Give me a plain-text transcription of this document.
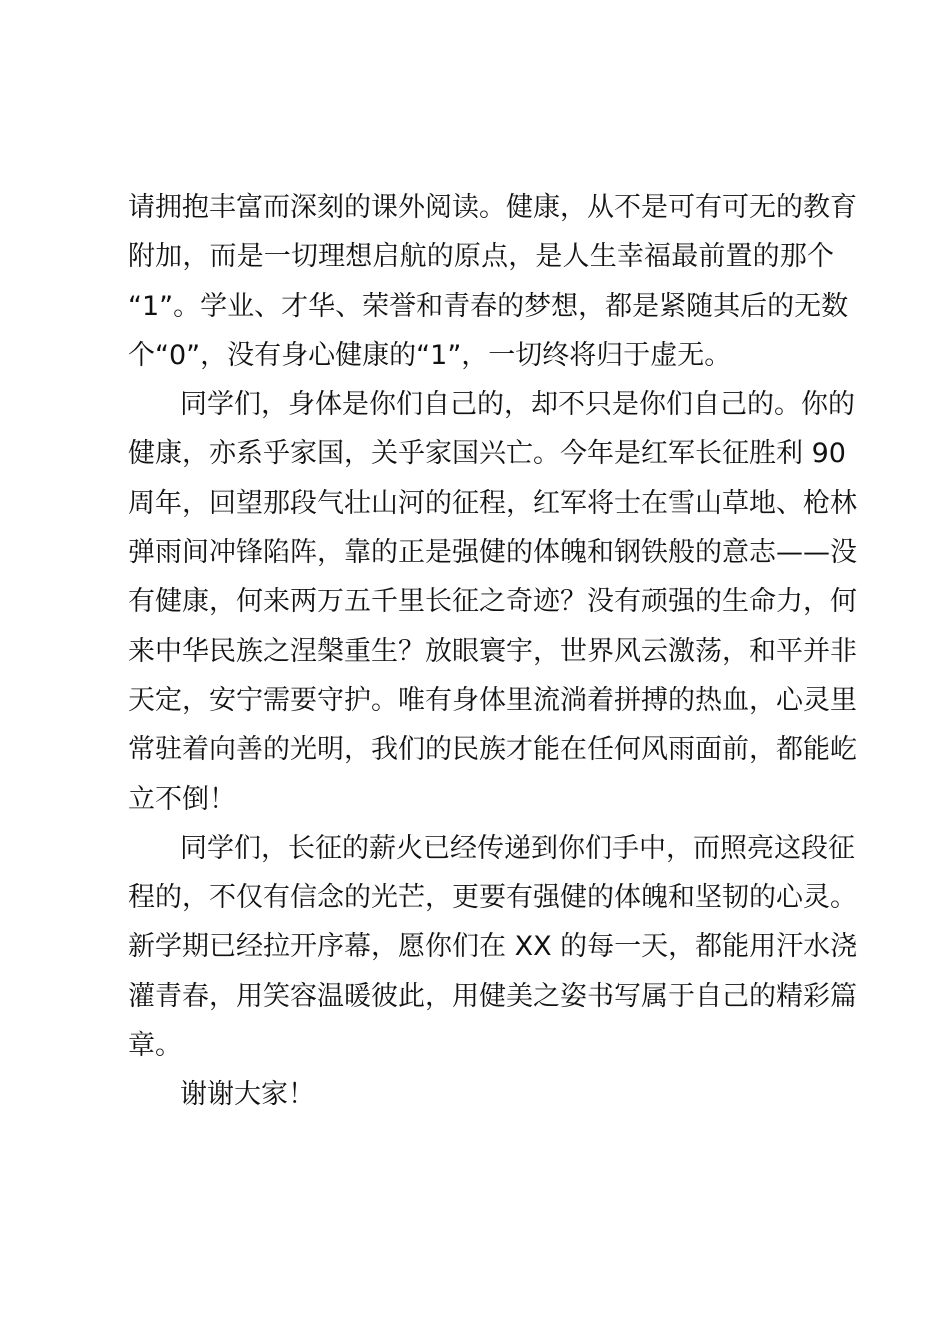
请拥抱丰富而深刻的课外阅读。健康，从不是可有可无的教育
附加，而是一切理想启航的原点，是人生幸福最前置的那个
“1”。学业、才华、荣誉和青春的梦想，都是紧随其后的无数
个“0”，没有身心健康的“1”，一切终将归于虚无。
同学们，身体是你们自己的，却不只是你们自己的。你的
健康，亦系乎家国，关乎家国兴亡。今年是红军长征胜利 90
周年，回望那段气壮山河的征程，红军将士在雪山草地、枪林
弹雨间冲锋陷阵，靠的正是强健的体魄和钢铁般的意志——没
有健康，何来两万五千里长征之奇迹？没有顽强的生命力，何
来中华民族之涅槃重生？放眼寰宇，世界风云激荡，和平并非
天定，安宁需要守护。唯有身体里流淌着拼搏的热血，心灵里
常驻着向善的光明，我们的民族才能在任何风雨面前，都能屹
立不倒！
同学们，长征的薪火已经传递到你们手中，而照亮这段征
程的，不仅有信念的光芒，更要有强健的体魄和坚韧的心灵。
新学期已经拉开序幕，愿你们在 XX 的每一天，都能用汗水浇
灌青春，用笑容温暖彼此，用健美之姿书写属于自己的精彩篇
章。
谢谢大家！
